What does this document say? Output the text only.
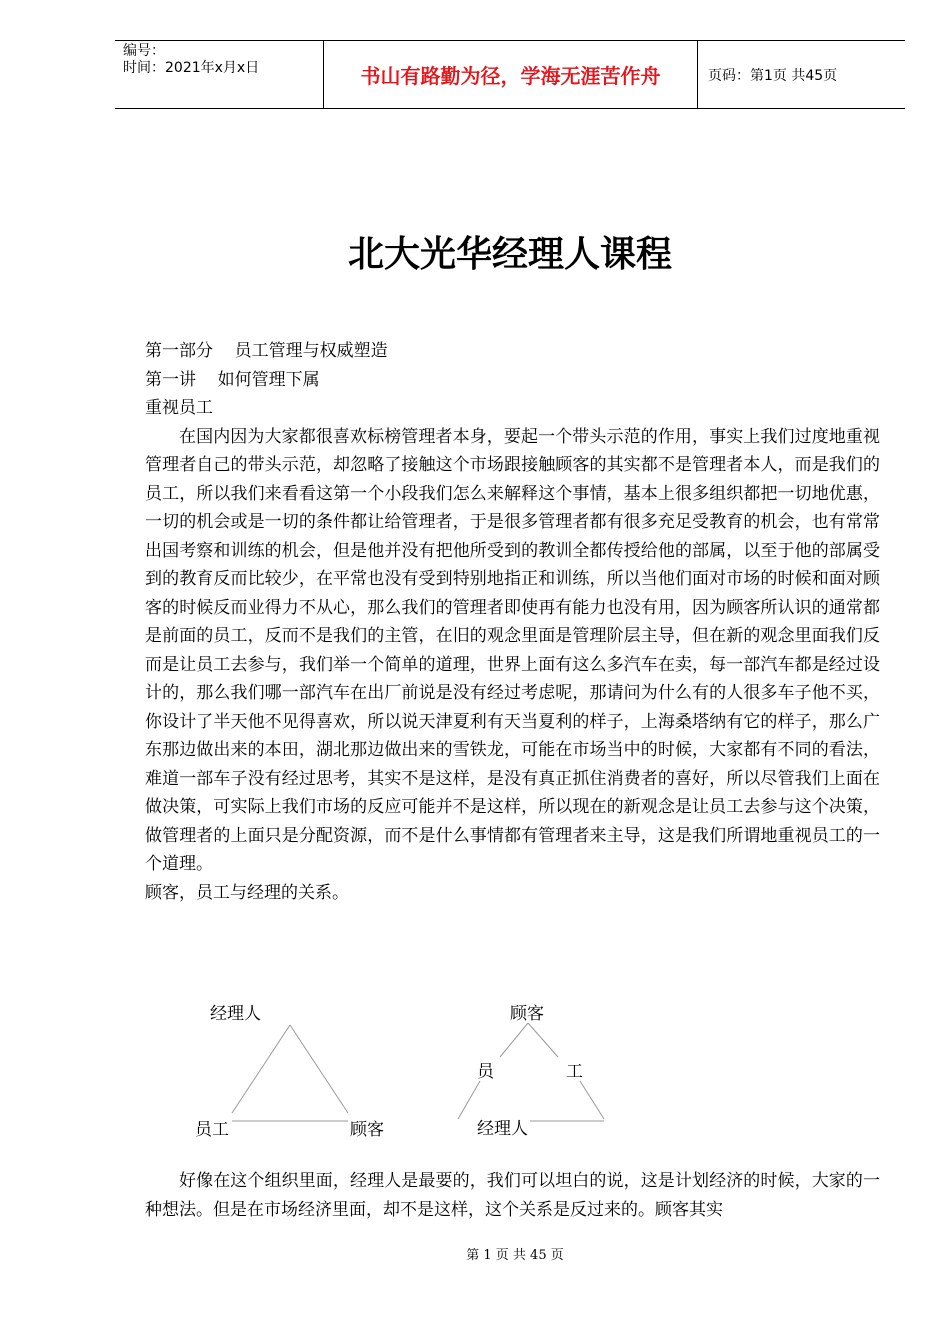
编号：
时间：2021年x月x日	书山有路勤为径，学海无涯苦作舟	页码：第1页 共45页
北大光华经理人课程

第一部分    员工管理与权威塑造

第一讲    如何管理下属

重视员工

在国内因为大家都很喜欢标榜管理者本身，要起一个带头示范的作用，事实上我们过度地重视管理者自己的带头示范，却忽略了接触这个市场跟接触顾客的其实都不是管理者本人，而是我们的员工，所以我们来看看这第一个小段我们怎么来解释这个事情，基本上很多组织都把一切地优惠，一切的机会或是一切的条件都让给管理者，于是很多管理者都有很多充足受教育的机会，也有常常出国考察和训练的机会，但是他并没有把他所受到的教训全都传授给他的部属，以至于他的部属受到的教育反而比较少，在平常也没有受到特别地指正和训练，所以当他们面对市场的时候和面对顾客的时候反而业得力不从心，那么我们的管理者即使再有能力也没有用，因为顾客所认识的通常都是前面的员工，反而不是我们的主管，在旧的观念里面是管理阶层主导，但在新的观念里面我们反而是让员工去参与，我们举一个简单的道理，世界上面有这么多汽车在卖，每一部汽车都是经过设计的，那么我们哪一部汽车在出厂前说是没有经过考虑呢，那请问为什么有的人很多车子他不买，你设计了半天他不见得喜欢，所以说天津夏利有天当夏利的样子，上海桑塔纳有它的样子，那么广东那边做出来的本田，湖北那边做出来的雪铁龙，可能在市场当中的时候，大家都有不同的看法，难道一部车子没有经过思考，其实不是这样，是没有真正抓住消费者的喜好，所以尽管我们上面在做决策，可实际上我们市场的反应可能并不是这样，所以现在的新观念是让员工去参与这个决策，做管理者的上面只是分配资源，而不是什么事情都有管理者来主导，这是我们所谓地重视员工的一个道理。

顾客，员工与经理的关系。

经理人
员工	顾客
顾客
员	工
经理人

好像在这个组织里面，经理人是最要的，我们可以坦白的说，这是计划经济的时候，大家的一种想法。但是在市场经济里面，却不是这样，这个关系是反过来的。顾客其实

第 1 页 共 45 页
